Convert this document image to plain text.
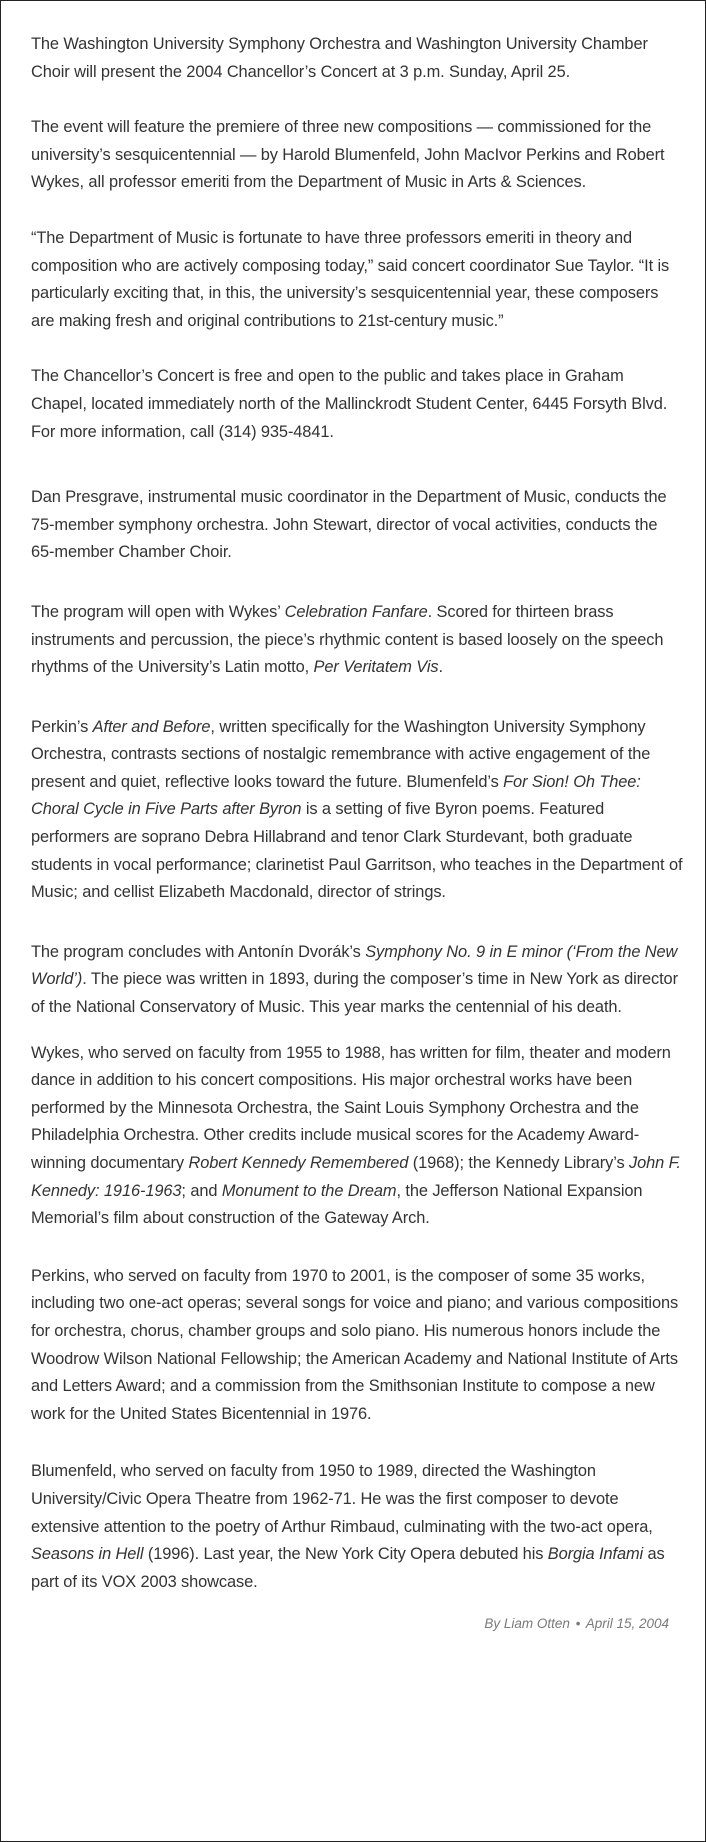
The Washington University Symphony Orchestra and Washington University Chamber Choir will present the 2004 Chancellor’s Concert at 3 p.m. Sunday, April 25.

The event will feature the premiere of three new compositions — commissioned for the university’s sesquicentennial — by Harold Blumenfeld, John MacIvor Perkins and Robert Wykes, all professor emeriti from the Department of Music in Arts & Sciences.

“The Department of Music is fortunate to have three professors emeriti in theory and composition who are actively composing today,” said concert coordinator Sue Taylor. “It is particularly exciting that, in this, the university’s sesquicentennial year, these composers are making fresh and original contributions to 21st-century music.”

The Chancellor’s Concert is free and open to the public and takes place in Graham Chapel, located immediately north of the Mallinckrodt Student Center, 6445 Forsyth Blvd. For more information, call (314) 935-4841.

Dan Presgrave, instrumental music coordinator in the Department of Music, conducts the 75-member symphony orchestra. John Stewart, director of vocal activities, conducts the 65-member Chamber Choir.

The program will open with Wykes’ Celebration Fanfare. Scored for thirteen brass instruments and percussion, the piece’s rhythmic content is based loosely on the speech rhythms of the University’s Latin motto, Per Veritatem Vis.

Perkin’s After and Before, written specifically for the Washington University Symphony Orchestra, contrasts sections of nostalgic remembrance with active engagement of the present and quiet, reflective looks toward the future. Blumenfeld’s For Sion! Oh Thee: Choral Cycle in Five Parts after Byron is a setting of five Byron poems. Featured performers are soprano Debra Hillabrand and tenor Clark Sturdevant, both graduate students in vocal performance; clarinetist Paul Garritson, who teaches in the Department of Music; and cellist Elizabeth Macdonald, director of strings.

The program concludes with Antonín Dvorák’s Symphony No. 9 in E minor (‘From the New World’). The piece was written in 1893, during the composer’s time in New York as director of the National Conservatory of Music. This year marks the centennial of his death.

Wykes, who served on faculty from 1955 to 1988, has written for film, theater and modern dance in addition to his concert compositions. His major orchestral works have been performed by the Minnesota Orchestra, the Saint Louis Symphony Orchestra and the Philadelphia Orchestra. Other credits include musical scores for the Academy Award-winning documentary Robert Kennedy Remembered (1968); the Kennedy Library’s John F. Kennedy: 1916-1963; and Monument to the Dream, the Jefferson National Expansion Memorial’s film about construction of the Gateway Arch.

Perkins, who served on faculty from 1970 to 2001, is the composer of some 35 works, including two one-act operas; several songs for voice and piano; and various compositions for orchestra, chorus, chamber groups and solo piano. His numerous honors include the Woodrow Wilson National Fellowship; the American Academy and National Institute of Arts and Letters Award; and a commission from the Smithsonian Institute to compose a new work for the United States Bicentennial in 1976.

Blumenfeld, who served on faculty from 1950 to 1989, directed the Washington University/Civic Opera Theatre from 1962-71. He was the first composer to devote extensive attention to the poetry of Arthur Rimbaud, culminating with the two-act opera, Seasons in Hell (1996). Last year, the New York City Opera debuted his Borgia Infami as part of its VOX 2003 showcase.

By Liam Otten • April 15, 2004
